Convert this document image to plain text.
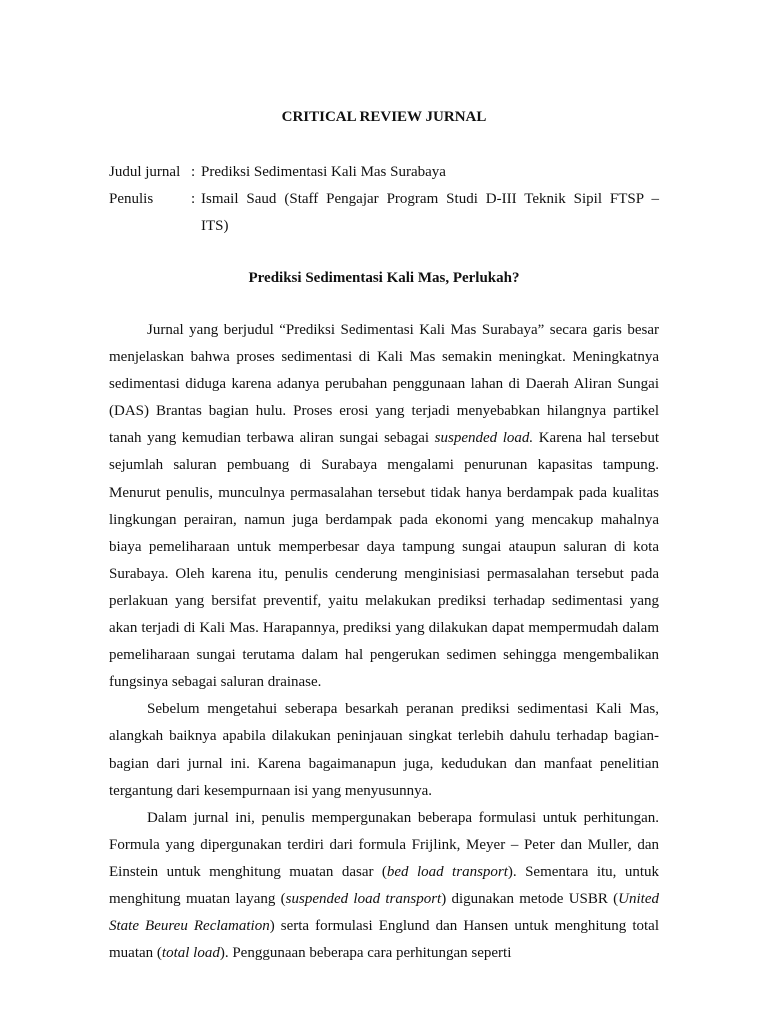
CRITICAL REVIEW JURNAL
Judul jurnal : Prediksi Sedimentasi Kali Mas Surabaya
Penulis	: Ismail Saud (Staff Pengajar Program Studi D-III Teknik Sipil FTSP –
ITS)
Prediksi Sedimentasi Kali Mas, Perlukah?

Jurnal yang berjudul “Prediksi Sedimentasi Kali Mas Surabaya” secara garis besar menjelaskan bahwa proses sedimentasi di Kali Mas semakin meningkat. Meningkatnya sedimentasi diduga karena adanya perubahan penggunaan lahan di Daerah Aliran Sungai (DAS) Brantas bagian hulu. Proses erosi yang terjadi menyebabkan hilangnya partikel tanah yang kemudian terbawa aliran sungai sebagai suspended load. Karena hal tersebut sejumlah saluran pembuang di Surabaya mengalami penurunan kapasitas tampung. Menurut penulis, munculnya permasalahan tersebut tidak hanya berdampak pada kualitas lingkungan perairan, namun juga berdampak pada ekonomi yang mencakup mahalnya biaya pemeliharaan untuk memperbesar daya tampung sungai ataupun saluran di kota Surabaya. Oleh karena itu, penulis cenderung menginisiasi permasalahan tersebut pada perlakuan yang bersifat preventif, yaitu melakukan prediksi terhadap sedimentasi yang akan terjadi di Kali Mas. Harapannya, prediksi yang dilakukan dapat mempermudah dalam pemeliharaan sungai terutama dalam hal pengerukan sedimen sehingga mengembalikan fungsinya sebagai saluran drainase.

Sebelum mengetahui seberapa besarkah peranan prediksi sedimentasi Kali Mas, alangkah baiknya apabila dilakukan peninjauan singkat terlebih dahulu terhadap bagian-bagian dari jurnal ini. Karena bagaimanapun juga, kedudukan dan manfaat penelitian tergantung dari kesempurnaan isi yang menyusunnya.

Dalam jurnal ini, penulis mempergunakan beberapa formulasi untuk perhitungan. Formula yang dipergunakan terdiri dari formula Frijlink, Meyer – Peter dan Muller, dan Einstein untuk menghitung muatan dasar (bed load transport). Sementara itu, untuk menghitung muatan layang (suspended load transport) digunakan metode USBR (United State Beureu Reclamation) serta formulasi Englund dan Hansen untuk menghitung total muatan (total load). Penggunaan beberapa cara perhitungan seperti
